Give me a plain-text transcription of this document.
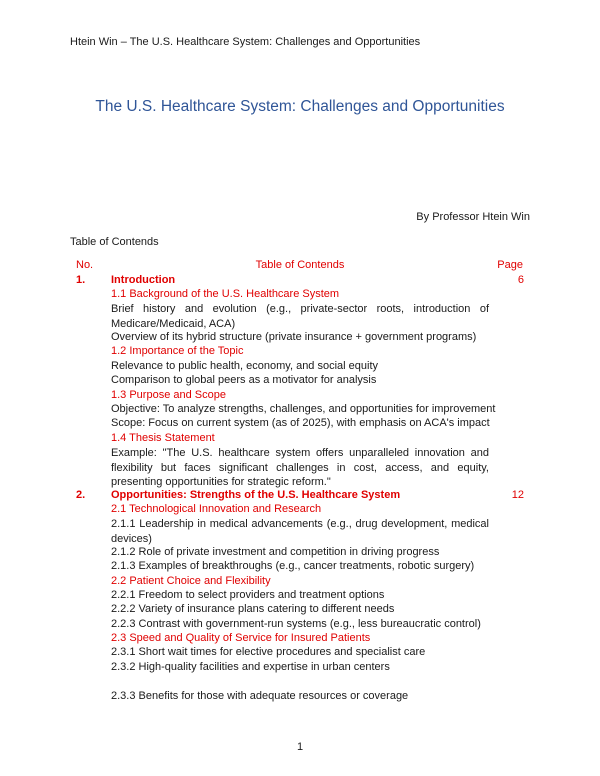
Htein Win – The U.S. Healthcare System: Challenges and Opportunities
The U.S. Healthcare System: Challenges and Opportunities
By Professor Htein Win
Table of Contends
No.	Table of Contends	Page
1. Introduction	6
1.1 Background of the U.S. Healthcare System
Brief history and evolution (e.g., private-sector roots, introduction of Medicare/Medicaid, ACA)
Overview of its hybrid structure (private insurance + government programs)
1.2 Importance of the Topic
Relevance to public health, economy, and social equity
Comparison to global peers as a motivator for analysis
1.3 Purpose and Scope
Objective: To analyze strengths, challenges, and opportunities for improvement
Scope: Focus on current system (as of 2025), with emphasis on ACA's impact
1.4 Thesis Statement
Example: "The U.S. healthcare system offers unparalleled innovation and flexibility but faces significant challenges in cost, access, and equity, presenting opportunities for strategic reform."
2. Opportunities: Strengths of the U.S. Healthcare System	12
2.1 Technological Innovation and Research
2.1.1 Leadership in medical advancements (e.g., drug development, medical devices)
2.1.2 Role of private investment and competition in driving progress
2.1.3 Examples of breakthroughs (e.g., cancer treatments, robotic surgery)
2.2 Patient Choice and Flexibility
2.2.1 Freedom to select providers and treatment options
2.2.2 Variety of insurance plans catering to different needs
2.2.3 Contrast with government-run systems (e.g., less bureaucratic control)
2.3 Speed and Quality of Service for Insured Patients
2.3.1 Short wait times for elective procedures and specialist care
2.3.2 High-quality facilities and expertise in urban centers
2.3.3 Benefits for those with adequate resources or coverage
1
